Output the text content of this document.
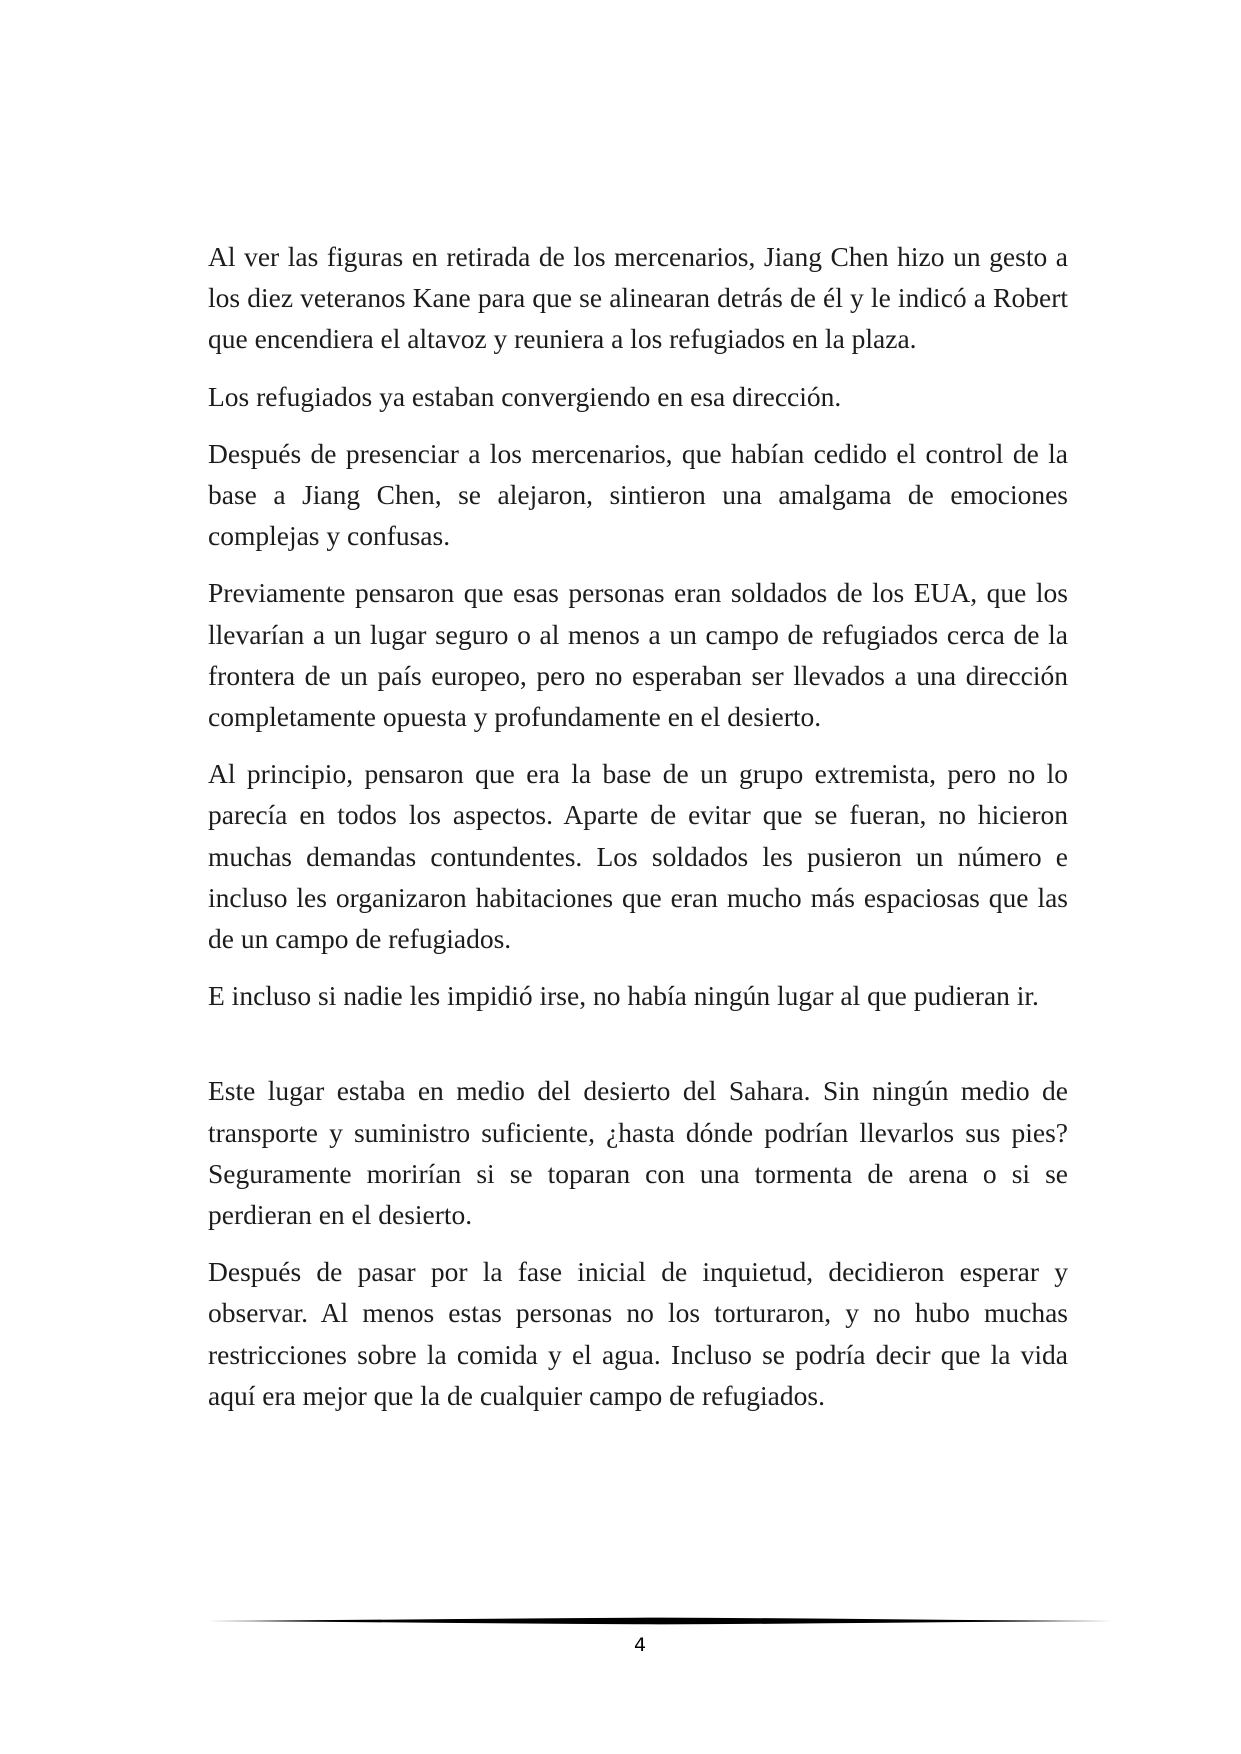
Al ver las figuras en retirada de los mercenarios, Jiang Chen hizo un gesto a los diez veteranos Kane para que se alinearan detrás de él y le indicó a Robert que encendiera el altavoz y reuniera a los refugiados en la plaza.

Los refugiados ya estaban convergiendo en esa dirección.

Después de presenciar a los mercenarios, que habían cedido el control de la base a Jiang Chen, se alejaron, sintieron una amalgama de emociones complejas y confusas.

Previamente pensaron que esas personas eran soldados de los EUA, que los llevarían a un lugar seguro o al menos a un campo de refugiados cerca de la frontera de un país europeo, pero no esperaban ser llevados a una dirección completamente opuesta y profundamente en el desierto.

Al principio, pensaron que era la base de un grupo extremista, pero no lo parecía en todos los aspectos. Aparte de evitar que se fueran, no hicieron muchas demandas contundentes. Los soldados les pusieron un número e incluso les organizaron habitaciones que eran mucho más espaciosas que las de un campo de refugiados.

E incluso si nadie les impidió irse, no había ningún lugar al que pudieran ir.

Este lugar estaba en medio del desierto del Sahara. Sin ningún medio de transporte y suministro suficiente, ¿hasta dónde podrían llevarlos sus pies? Seguramente morirían si se toparan con una tormenta de arena o si se perdieran en el desierto.

Después de pasar por la fase inicial de inquietud, decidieron esperar y observar. Al menos estas personas no los torturaron, y no hubo muchas restricciones sobre la comida y el agua. Incluso se podría decir que la vida aquí era mejor que la de cualquier campo de refugiados.

4
